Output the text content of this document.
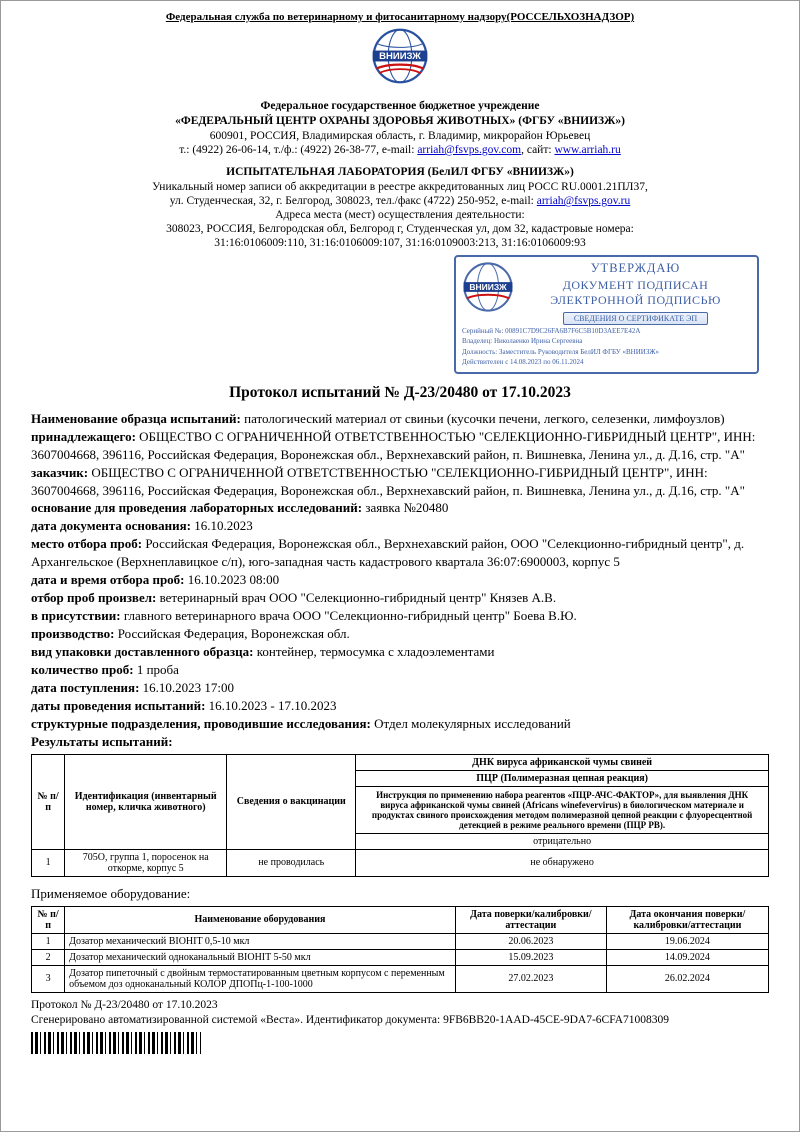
Федеральная служба по ветеринарному и фитосанитарному надзору(РОССЕЛЬХОЗНАДЗОР)
ВНИИЗЖ
Федеральное государственное бюджетное учреждение
«ФЕДЕРАЛЬНЫЙ ЦЕНТР ОХРАНЫ ЗДОРОВЬЯ ЖИВОТНЫХ» (ФГБУ «ВНИИЗЖ»)
600901, РОССИЯ, Владимирская область, г. Владимир, микрорайон Юрьевец
т.: (4922) 26-06-14, т./ф.: (4922) 26-38-77, e-mail: arriah@fsvps.gov.com, сайт: www.arriah.ru
ИСПЫТАТЕЛЬНАЯ ЛАБОРАТОРИЯ (БелИЛ ФГБУ «ВНИИЗЖ»)
Уникальный номер записи об аккредитации в реестре аккредитованных лиц РОСС RU.0001.21ПЛ37,
ул. Студенческая, 32, г. Белгород, 308023, тел./факс (4722) 250-952, e-mail: arriah@fsvps.gov.ru
Адреса места (мест) осуществления деятельности:
308023, РОССИЯ, Белгородская обл, Белгород г, Студенческая ул, дом 32, кадастровые номера:
31:16:0106009:110, 31:16:0106009:107, 31:16:0109003:213, 31:16:0106009:93
ВНИИЗЖ
УТВЕРЖДАЮ
ДОКУМЕНТ ПОДПИСАН
ЭЛЕКТРОННОЙ ПОДПИСЬЮ
СВЕДЕНИЯ О СЕРТИФИКАТЕ ЭП
Серийный №: 00891C7D9C26FA6B7F6C5B10D3AEE7E42A
Владелец: Николаенко Ирина Сергеевна
Должность: Заместитель Руководителя БелИЛ ФГБУ «ВНИИЗЖ»
Действителен с 14.08.2023 по 06.11.2024
Протокол испытаний № Д-23/20480 от 17.10.2023

Наименование образца испытаний: патологический материал от свиньи (кусочки печени, легкого, селезенки, лимфоузлов)

принадлежащего: ОБЩЕСТВО С ОГРАНИЧЕННОЙ ОТВЕТСТВЕННОСТЬЮ "СЕЛЕКЦИОННО-ГИБРИДНЫЙ ЦЕНТР", ИНН: 3607004668, 396116, Российская Федерация, Воронежская обл., Верхнехавский район, п. Вишневка, Ленина ул., д. Д.16, стр. "А"

заказчик: ОБЩЕСТВО С ОГРАНИЧЕННОЙ ОТВЕТСТВЕННОСТЬЮ "СЕЛЕКЦИОННО-ГИБРИДНЫЙ ЦЕНТР", ИНН: 3607004668, 396116, Российская Федерация, Воронежская обл., Верхнехавский район, п. Вишневка, Ленина ул., д. Д.16, стр. "А"

основание для проведения лабораторных исследований: заявка №20480

дата документа основания: 16.10.2023

место отбора проб: Российская Федерация, Воронежская обл., Верхнехавский район, ООО "Селекционно-гибридный центр", д. Архангельское (Верхнеплавицкое с/п), юго-западная часть кадастрового квартала 36:07:6900003, корпус 5

дата и время отбора проб: 16.10.2023 08:00

отбор проб произвел: ветеринарный врач ООО "Селекционно-гибридный центр" Князев А.В.

в присутствии: главного ветеринарного врача ООО "Селекционно-гибридный центр" Боева В.Ю.

производство: Российская Федерация, Воронежская обл.

вид упаковки доставленного образца: контейнер, термосумка с хладоэлементами

количество проб: 1 проба

дата поступления: 16.10.2023 17:00

даты проведения испытаний: 16.10.2023 - 17.10.2023

структурные подразделения, проводившие исследования: Отдел молекулярных исследований

Результаты испытаний:

№ п/п	Идентификация (инвентарный номер, кличка животного)	Сведения о вакцинации	ДНК вируса африканской чумы свиней
			ПЦР (Полимеразная цепная реакция)
			Инструкция по применению набора реагентов «ПЦР-АЧС-ФАКТОР», для выявления ДНК вируса африканской чумы свиней (Africans winefevervirus) в биологическом материале и продуктах свиного происхождения методом полимеразной цепной реакции с флуоресцентной детекцией в режиме реального времени (ПЦР РВ).
			отрицательно
1	705O, группа 1, поросенок на откорме, корпус 5	не проводилась	не обнаружено
Применяемое оборудование:
№ п/п	Наименование оборудования	Дата поверки/калибровки/аттестации	Дата окончания поверки/калибровки/аттестации
1	Дозатор механический BIOHIT 0,5-10 мкл	20.06.2023	19.06.2024
2	Дозатор механический одноканальный BIOHIT 5-50 мкл	15.09.2023	14.09.2024
3	Дозатор пипеточный с двойным термостатированным цветным корпусом с переменным объемом доз одноканальный КОЛОР ДПОПц-1-100-1000	27.02.2023	26.02.2024
Протокол № Д-23/20480 от 17.10.2023
Сгенерировано автоматизированной системой «Веста». Идентификатор документа: 9FB6BB20-1AAD-45CE-9DA7-6CFA71008309
